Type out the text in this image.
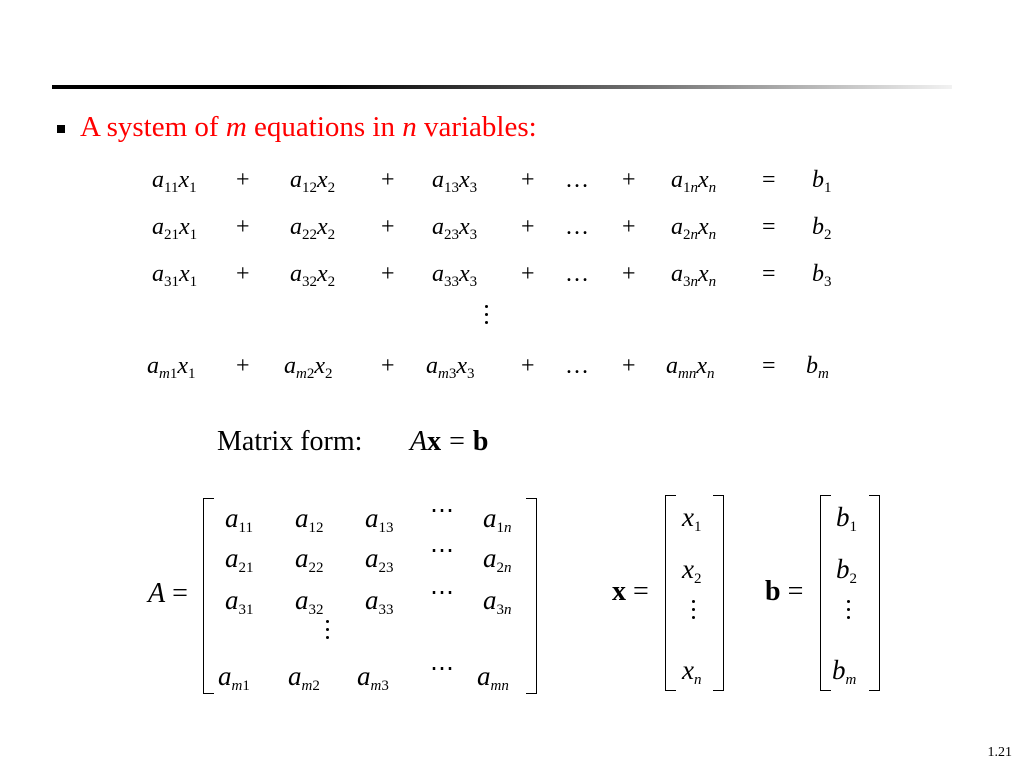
A system of m equations in n variables:
$a_{11}x_1 + a_{12}x_2 + a_{13}x_3$ + … + $a_{1n}x_n = b_1$
$a_{21}x_1 + a_{22}x_2 + a_{23}x_3$ + … + $a_{2n}x_n = b_2$
$a_{31}x_1 + a_{32}x_2 + a_{33}x_3$ + … + $a_{3n}x_n = b_3$
$a_{m1}x_1 + a_{m2}x_2 + a_{m3}x_3$ + … + $a_{mn}x_n = b_m$
Matrix form: Ax = b
A =
$a_{11}$ $a_{12}$ $a_{13}$
⋯ $a_{1n}$
$a_{21}$ $a_{22}$ $a_{23}$
⋯ $a_{2n}$
$a_{31}$ $a_{32}$ $a_{33}$
⋯ $a_{3n}$
$a_{m1}$ $a_{m2}$ $a_{m3}$	$a_{mn}$
⋯
x =
$x_1$
$x_2$
$x_n$
b =
$b_1$
$b_2$
$b_m$
1.21
